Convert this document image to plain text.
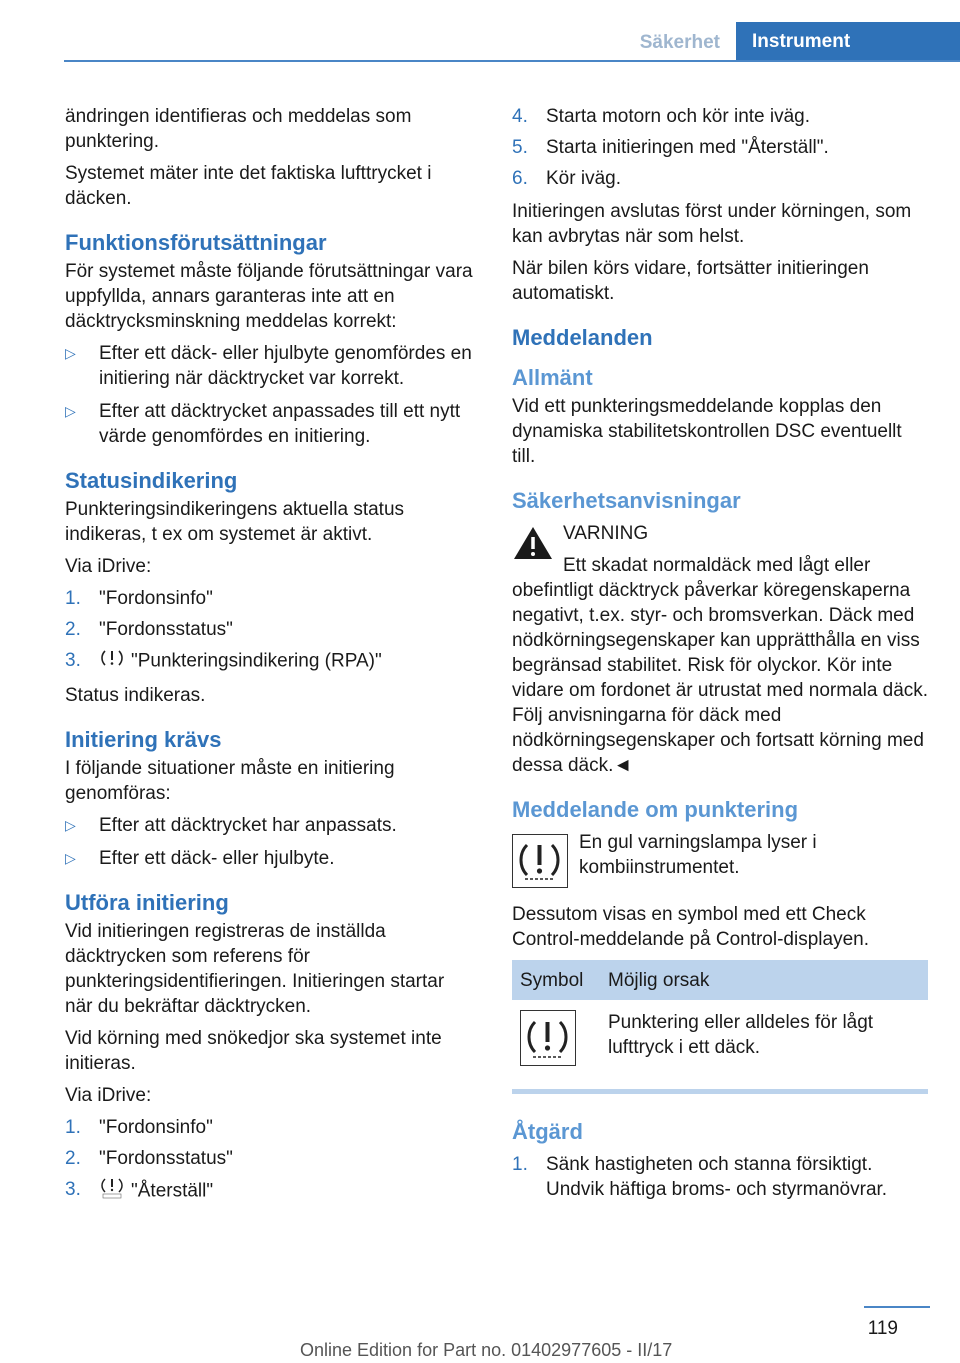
Säkerhet	Instrument

ändringen identifieras och meddelas som punktering.

Systemet mäter inte det faktiska lufttrycket i däcken.

Funktionsförutsättningar

För systemet måste följande förutsättningar vara uppfyllda, annars garanteras inte att en däcktrycksminskning meddelas korrekt:

▷ Efter ett däck- eller hjulbyte genomfördes en initiering när däcktrycket var korrekt.
▷ Efter att däcktrycket anpassades till ett nytt värde genomfördes en initiering.
Statusindikering

Punkteringsindikeringens aktuella status indikeras, t ex om systemet är aktivt.

Via iDrive:

1. "Fordonsinfo"
2. "Fordonsstatus"
3.	"Punkteringsindikering (RPA)"

Status indikeras.

Initiering krävs

I följande situationer måste en initiering genomföras:

▷ Efter att däcktrycket har anpassats.
▷ Efter ett däck- eller hjulbyte.
Utföra initiering

Vid initieringen registreras de inställda däcktrycken som referens för punkteringsidentifieringen. Initieringen startar när du bekräftar däcktrycken.

Vid körning med snökedjor ska systemet inte initieras.

Via iDrive:

1. "Fordonsinfo"
2. "Fordonsstatus"
3.	"Återställ"
4. Starta motorn och kör inte iväg.
5. Starta initieringen med "Återställ".
6. Kör iväg.

Initieringen avslutas först under körningen, som kan avbrytas när som helst.

När bilen körs vidare, fortsätter initieringen automatiskt.

Meddelanden
Allmänt

Vid ett punkteringsmeddelande kopplas den dynamiska stabilitetskontrollen DSC eventuellt till.

Säkerhetsanvisningar

VARNING

Ett skadat normaldäck med lågt eller obefintligt däcktryck påverkar köregenskaperna negativt, t.ex. styr- och bromsverkan. Däck med nödkörningsegenskaper kan upprätthålla en viss begränsad stabilitet. Risk för olyckor. Kör inte vidare om fordonet är utrustat med normala däck. Följ anvisningarna för däck med nödkörningsegenskaper och fortsatt körning med dessa däck.◄

Meddelande om punktering

En gul varningslampa lyser i kombiinstrumentet.

Dessutom visas en symbol med ett Check Control-meddelande på Control-displayen.

Symbol	Möjlig orsak
	Punktering eller alldeles för lågt lufttryck i ett däck.
Åtgärd
1. Sänk hastigheten och stanna försiktigt. Undvik häftiga broms- och styrmanövrar.
119
Online Edition for Part no. 01402977605 - II/17
